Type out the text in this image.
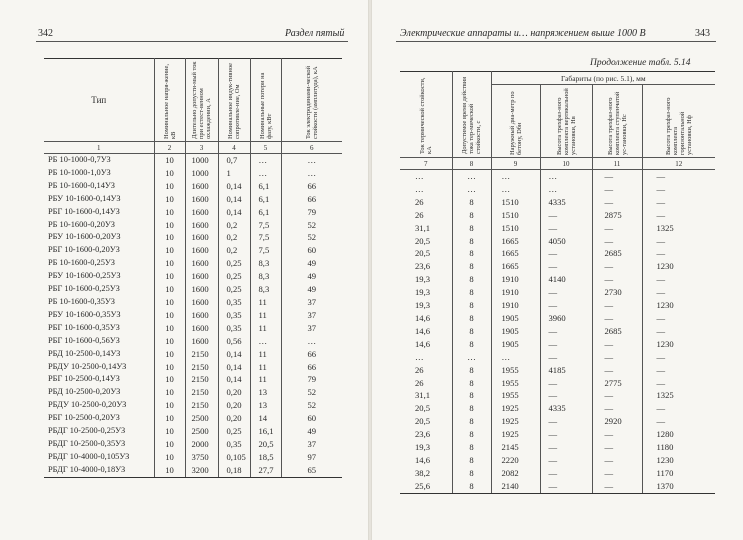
342	Раздел пятый
Тип	Номинальное напря-жение, кВ	Длительно допусти-мый ток при естест-венном охлаждении, А	Номинальное индук-тивное сопротивле-ние, Ом	Номинальные потери на фазу, кВт	Ток электродинами-ческой стойкости (амплитуда), кА
1	2	3	4	5	6
РБ 10-1000-0,7УЗ	10	1000	0,7	…	…
РБ 10-1000-1,0УЗ	10	1000	1	…	…
РБ 10-1600-0,14УЗ	10	1600	0,14	6,1	66
РБУ 10-1600-0,14УЗ	10	1600	0,14	6,1	66
РБГ 10-1600-0,14УЗ	10	1600	0,14	6,1	79
РБ 10-1600-0,20УЗ	10	1600	0,2	7,5	52
РБУ 10-1600-0,20УЗ	10	1600	0,2	7,5	52
РБГ 10-1600-0,20УЗ	10	1600	0,2	7,5	60
РБ 10-1600-0,25УЗ	10	1600	0,25	8,3	49
РБУ 10-1600-0,25УЗ	10	1600	0,25	8,3	49
РБГ 10-1600-0,25УЗ	10	1600	0,25	8,3	49
РБ 10-1600-0,35УЗ	10	1600	0,35	11	37
РБУ 10-1600-0,35УЗ	10	1600	0,35	11	37
РБГ 10-1600-0,35УЗ	10	1600	0,35	11	37
РБГ 10-1600-0,56УЗ	10	1600	0,56	…	…
РБД 10-2500-0,14УЗ	10	2150	0,14	11	66
РБДУ 10-2500-0,14УЗ	10	2150	0,14	11	66
РБГ 10-2500-0,14УЗ	10	2150	0,14	11	79
РБД 10-2500-0,20УЗ	10	2150	0,20	13	52
РБДУ 10-2500-0,20УЗ	10	2150	0,20	13	52
РБГ 10-2500-0,20УЗ	10	2500	0,20	14	60
РБДГ 10-2500-0,25УЗ	10	2500	0,25	16,1	49
РБДГ 10-2500-0,35УЗ	10	2000	0,35	20,5	37
РБДГ 10-4000-0,105УЗ	10	3750	0,105	18,5	97
РБДГ 10-4000-0,18УЗ	10	3200	0,18	27,7	65
Электрические аппараты и… напряжением выше 1000 В	343
Продолжение табл. 5.14
Ток термической стойкости, кА	Допустимое время действия тока тер-мической стойкости, с	Габариты (по рис. 5.1), мм			
		Наружный диа-метр по бетону, Dбн	Высота трехфаз-ного комплекта вертикальной установки, Hв	Высота трехфаз-ного комплекта ступенчатой ус-тановки, Hс	Высота трехфаз-ного комплекта горизонтальной установки, Hф
7	8	9	10	11	12
…	…	…	…	—	—
…	…	…	…	—	—
26	8	1510	4335	—	—
26	8	1510	—	2875	—
31,1	8	1510	—	—	1325
20,5	8	1665	4050	—	—
20,5	8	1665	—	2685	—
23,6	8	1665	—	—	1230
19,3	8	1910	4140	—	—
19,3	8	1910	—	2730	—
19,3	8	1910	—	—	1230
14,6	8	1905	3960	—	—
14,6	8	1905	—	2685	—
14,6	8	1905	—	—	1230
…	…	…	—	—	—
26	8	1955	4185	—	—
26	8	1955	—	2775	—
31,1	8	1955	—	—	1325
20,5	8	1925	4335	—	—
20,5	8	1925	—	2920	—
23,6	8	1925	—	—	1280
19,3	8	2145	—	—	1180
14,6	8	2220	—	—	1230
38,2	8	2082	—	—	1170
25,6	8	2140	—	—	1370
